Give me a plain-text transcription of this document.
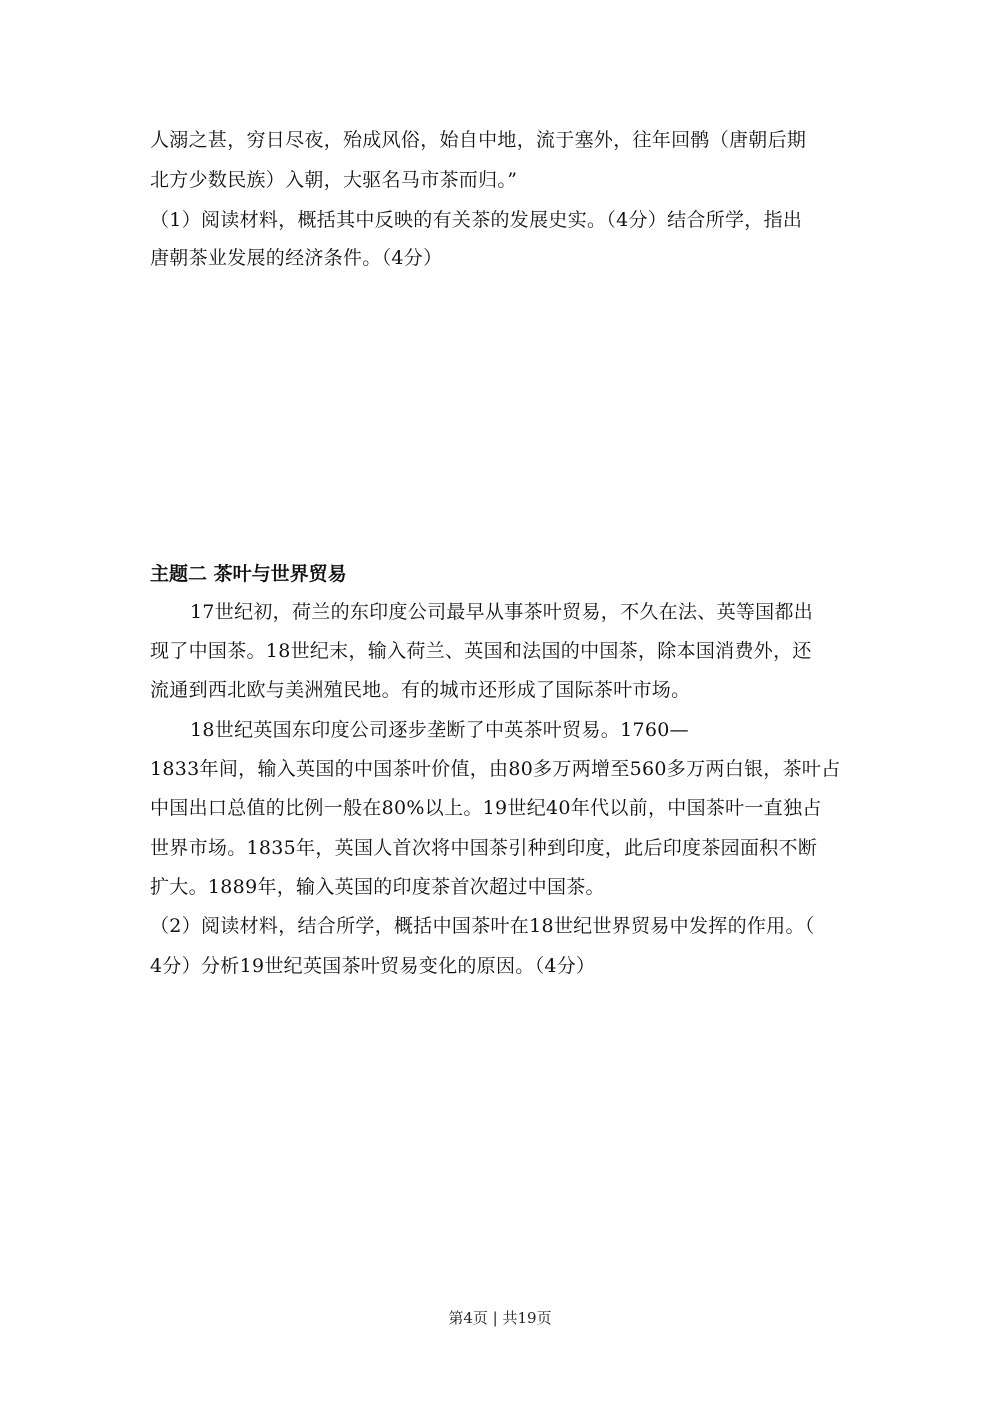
人溺之甚，穷日尽夜，殆成风俗，始自中地，流于塞外，往年回鹘（唐朝后期
北方少数民族）入朝，大驱名马市茶而归。”
（1）阅读材料，概括其中反映的有关茶的发展史实。（4分）结合所学，指出
唐朝茶业发展的经济条件。（4分）
主题二 茶叶与世界贸易
17世纪初，荷兰的东印度公司最早从事茶叶贸易，不久在法、英等国都出
现了中国茶。18世纪末，输入荷兰、英国和法国的中国茶，除本国消费外，还
流通到西北欧与美洲殖民地。有的城市还形成了国际茶叶市场。
18世纪英国东印度公司逐步垄断了中英茶叶贸易。1760—
1833年间，输入英国的中国茶叶价值，由80多万两增至560多万两白银，茶叶占
中国出口总值的比例一般在80%以上。19世纪40年代以前，中国茶叶一直独占
世界市场。1835年，英国人首次将中国茶引种到印度，此后印度茶园面积不断
扩大。1889年，输入英国的印度茶首次超过中国茶。
（2）阅读材料，结合所学，概括中国茶叶在18世纪世界贸易中发挥的作用。（
4分）分析19世纪英国茶叶贸易变化的原因。（4分）
第4页 | 共19页
